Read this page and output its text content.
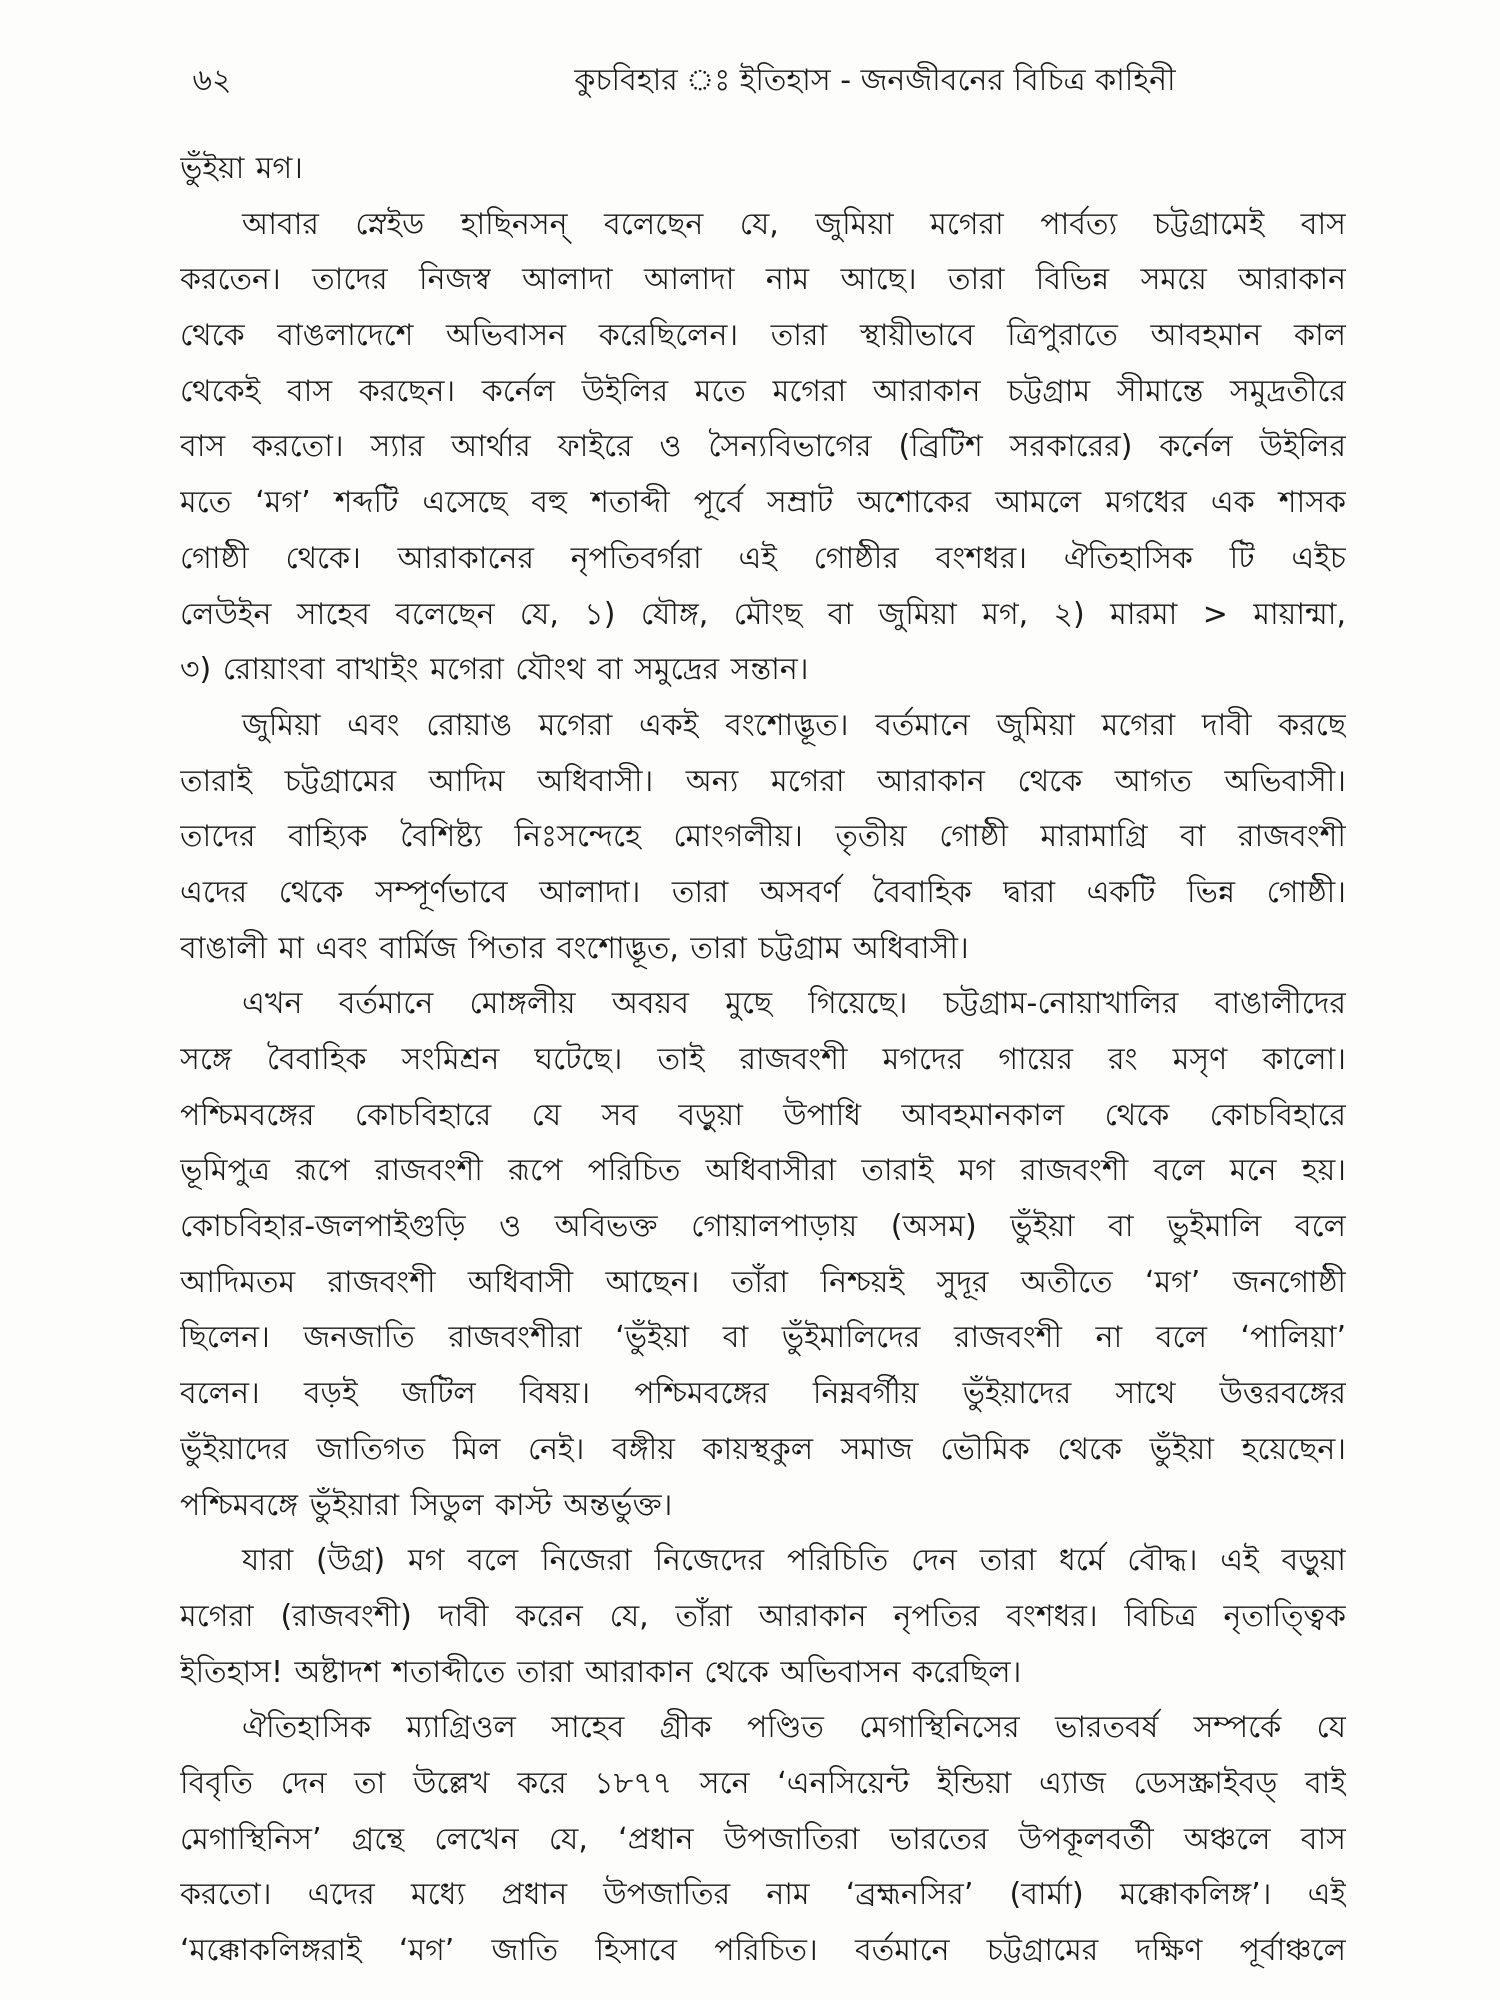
৬২	কুচবিহার ঃ ইতিহাস - জনজীবনের বিচিত্র কাহিনী
ভুঁইয়া মগ।
আবার স্নেইড হাছিনসন্ বলেছেন যে, জুমিয়া মগেরা পার্বত্য চট্টগ্রামেই বাস
করতেন। তাদের নিজস্ব আলাদা আলাদা নাম আছে। তারা বিভিন্ন সময়ে আরাকান
থেকে বাঙলাদেশে অভিবাসন করেছিলেন। তারা স্থায়ীভাবে ত্রিপুরাতে আবহমান কাল
থেকেই বাস করছেন। কর্নেল উইলির মতে মগেরা আরাকান চট্টগ্রাম সীমান্তে সমুদ্রতীরে
বাস করতো। স্যার আর্থার ফাইরে ও সৈন্যবিভাগের (ব্রিটিশ সরকারের) কর্নেল উইলির
মতে ‘মগ’ শব্দটি এসেছে বহু শতাব্দী পূর্বে সম্রাট অশোকের আমলে মগধের এক শাসক
গোষ্ঠী থেকে। আরাকানের নৃপতিবর্গরা এই গোষ্ঠীর বংশধর। ঐতিহাসিক টি এইচ
লেউইন সাহেব বলেছেন যে, ১) যৌঙ্গ, মৌংছ বা জুমিয়া মগ, ২) মারমা > মায়ান্মা,
৩) রোয়াংবা বাখাইং মগেরা যৌংথ বা সমুদ্রের সন্তান।
জুমিয়া এবং রোয়াঙ মগেরা একই বংশোদ্ভূত। বর্তমানে জুমিয়া মগেরা দাবী করছে
তারাই চট্টগ্রামের আদিম অধিবাসী। অন্য মগেরা আরাকান থেকে আগত অভিবাসী।
তাদের বাহ্যিক বৈশিষ্ট্য নিঃসন্দেহে মোংগলীয়। তৃতীয় গোষ্ঠী মারামাগ্রি বা রাজবংশী
এদের থেকে সম্পূর্ণভাবে আলাদা। তারা অসবর্ণ বৈবাহিক দ্বারা একটি ভিন্ন গোষ্ঠী।
বাঙালী মা এবং বার্মিজ পিতার বংশোদ্ভূত, তারা চট্টগ্রাম অধিবাসী।
এখন বর্তমানে মোঙ্গলীয় অবয়ব মুছে গিয়েছে। চট্টগ্রাম-নোয়াখালির বাঙালীদের
সঙ্গে বৈবাহিক সংমিশ্রন ঘটেছে। তাই রাজবংশী মগদের গায়ের রং মসৃণ কালো।
পশ্চিমবঙ্গের কোচবিহারে যে সব বড়ুয়া উপাধি আবহমানকাল থেকে কোচবিহারে
ভূমিপুত্র রূপে রাজবংশী রূপে পরিচিত অধিবাসীরা তারাই মগ রাজবংশী বলে মনে হয়।
কোচবিহার-জলপাইগুড়ি ও অবিভক্ত গোয়ালপাড়ায় (অসম) ভুঁইয়া বা ভুইমালি বলে
আদিমতম রাজবংশী অধিবাসী আছেন। তাঁরা নিশ্চয়ই সুদূর অতীতে ‘মগ’ জনগোষ্ঠী
ছিলেন। জনজাতি রাজবংশীরা ‘ভুঁইয়া বা ভুঁইমালিদের রাজবংশী না বলে ‘পালিয়া’
বলেন। বড়ই জটিল বিষয়। পশ্চিমবঙ্গের নিম্নবর্গীয় ভুঁইয়াদের সাথে উত্তরবঙ্গের
ভুঁইয়াদের জাতিগত মিল নেই। বঙ্গীয় কায়স্থকুল সমাজ ভৌমিক থেকে ভুঁইয়া হয়েছেন।
পশ্চিমবঙ্গে ভুঁইয়ারা সিডুল কাস্ট অন্তর্ভুক্ত।
যারা (উগ্র) মগ বলে নিজেরা নিজেদের পরিচিতি দেন তারা ধর্মে বৌদ্ধ। এই বড়ুয়া
মগেরা (রাজবংশী) দাবী করেন যে, তাঁরা আরাকান নৃপতির বংশধর। বিচিত্র নৃতাত্ত্বিক
ইতিহাস! অষ্টাদশ শতাব্দীতে তারা আরাকান থেকে অভিবাসন করেছিল।
ঐতিহাসিক ম্যাগ্রিওল সাহেব গ্রীক পণ্ডিত মেগাস্থিনিসের ভারতবর্ষ সম্পর্কে যে
বিবৃতি দেন তা উল্লেখ করে ১৮৭৭ সনে ‘এনসিয়েন্ট ইন্ডিয়া এ্যাজ ডেসস্ক্রাইবড্ বাই
মেগাস্থিনিস’ গ্রন্থে লেখেন যে, ‘প্রধান উপজাতিরা ভারতের উপকূলবর্তী অঞ্চলে বাস
করতো। এদের মধ্যে প্রধান উপজাতির নাম ‘ব্রহ্মনসির’ (বার্মা) মক্কোকলিঙ্গ’। এই
‘মক্কোকলিঙ্গরাই ‘মগ’ জাতি হিসাবে পরিচিত। বর্তমানে চট্টগ্রামের দক্ষিণ পূর্বাঞ্চলে
